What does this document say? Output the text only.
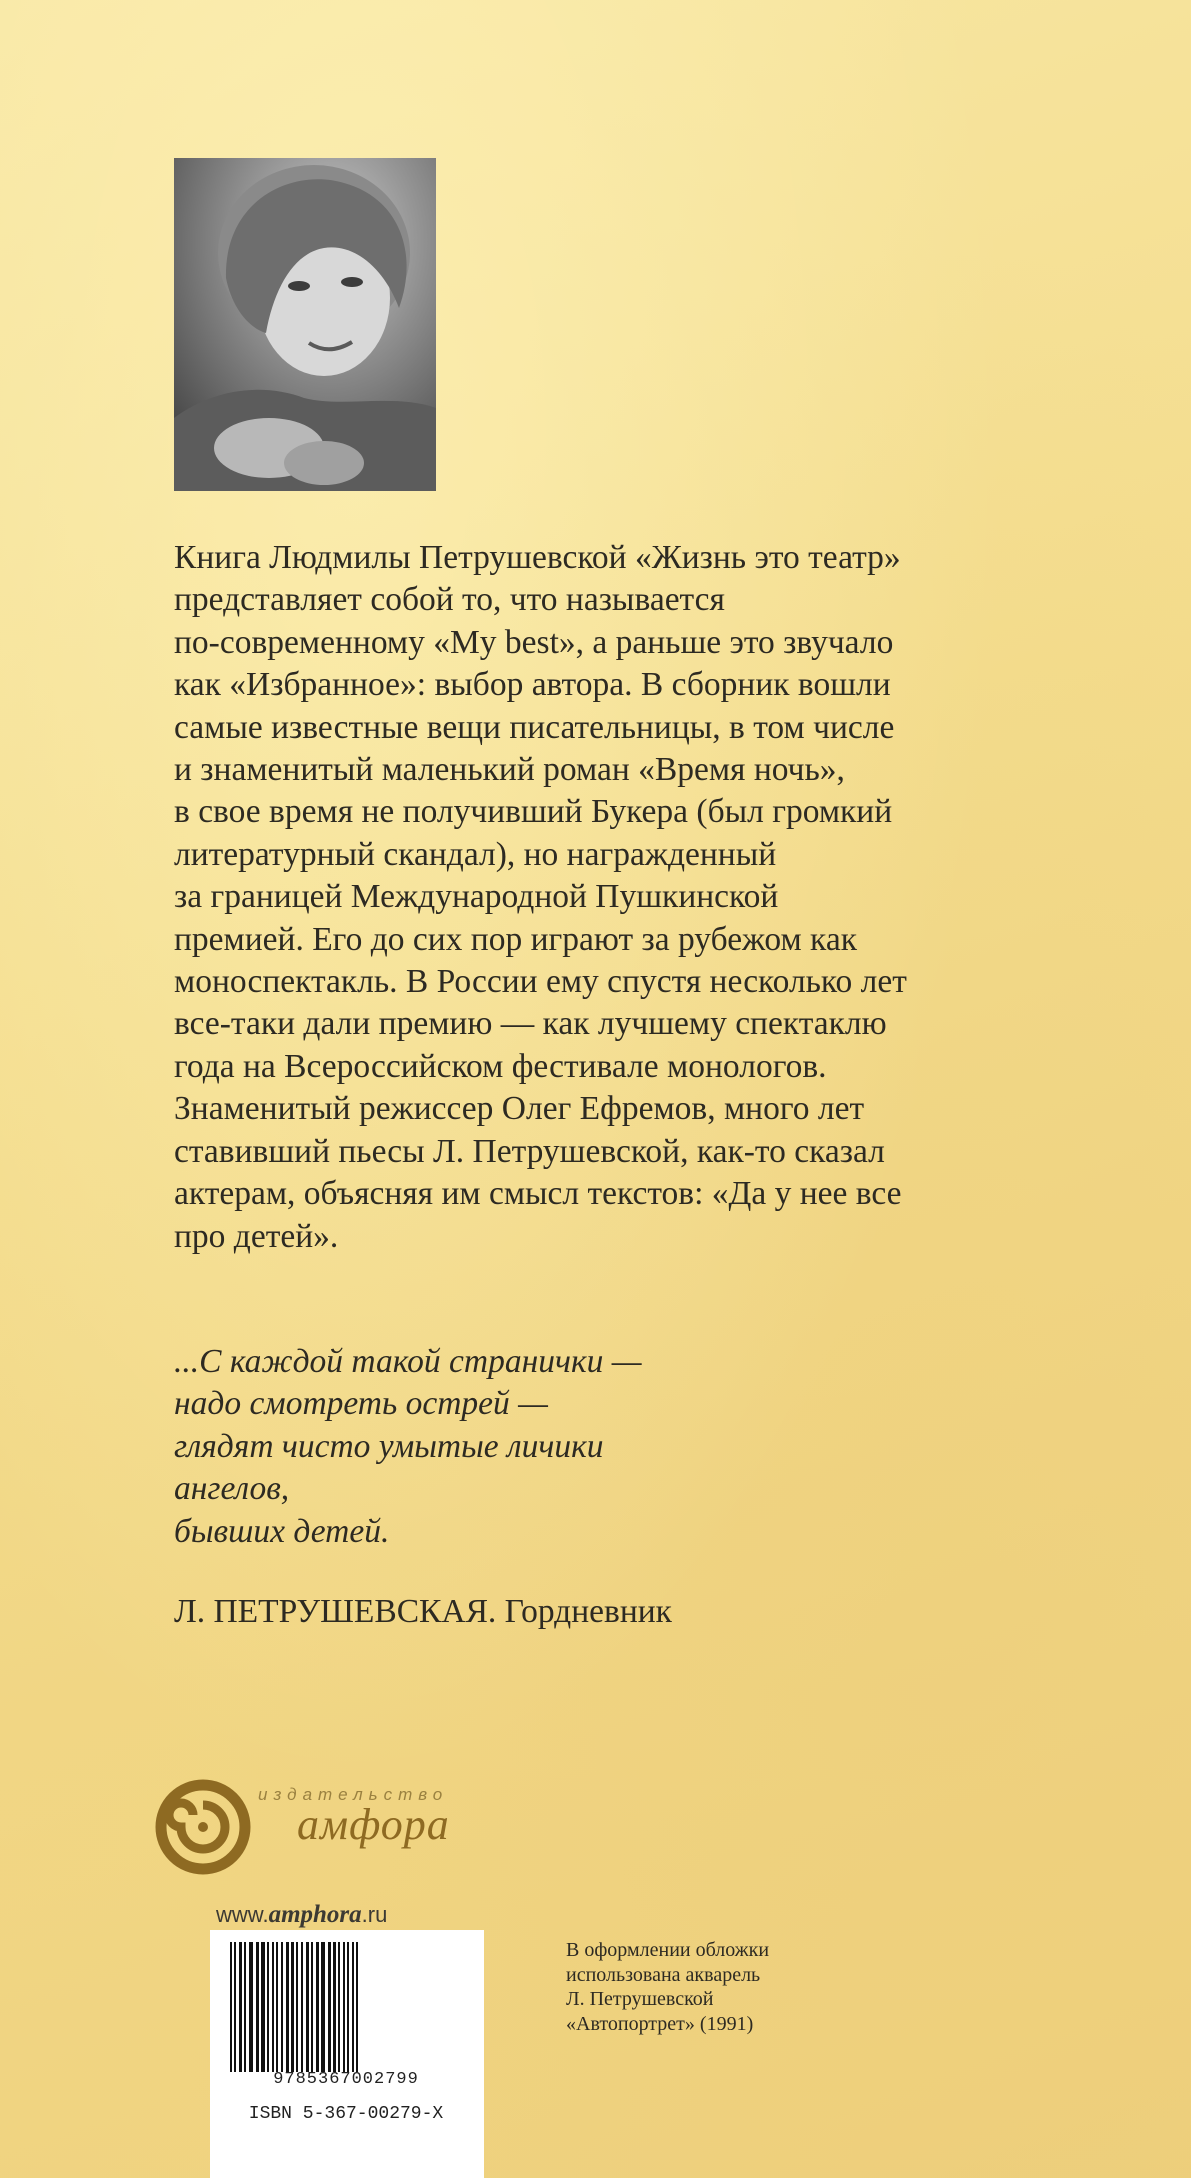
Книга Людмилы Петрушевской «Жизнь это театр»
представляет собой то, что называется
по-современному «My best», а раньше это звучало
как «Избранное»: выбор автора. В сборник вошли
самые известные вещи писательницы, в том числе
и знаменитый маленький роман «Время ночь»,
в свое время не получивший Букера (был громкий
литературный скандал), но награжденный
за границей Международной Пушкинской
премией. Его до сих пор играют за рубежом как
моноспектакль. В России ему спустя несколько лет
все-таки дали премию — как лучшему спектаклю
года на Всероссийском фестивале монологов.
Знаменитый режиссер Олег Ефремов, много лет
ставивший пьесы Л. Петрушевской, как-то сказал
актерам, объясняя им смысл текстов: «Да у нее все
про детей».

...С каждой такой странички —
надо смотреть острей —
глядят чисто умытые личики
ангелов,
бывших детей.

Л. ПЕТРУШЕВСКАЯ. Гордневник

издательство
амфора
www.amphora.ru
9785367002799
ISBN 5-367-00279-X

В оформлении обложки
использована акварель
Л. Петрушевской
«Автопортрет» (1991)
